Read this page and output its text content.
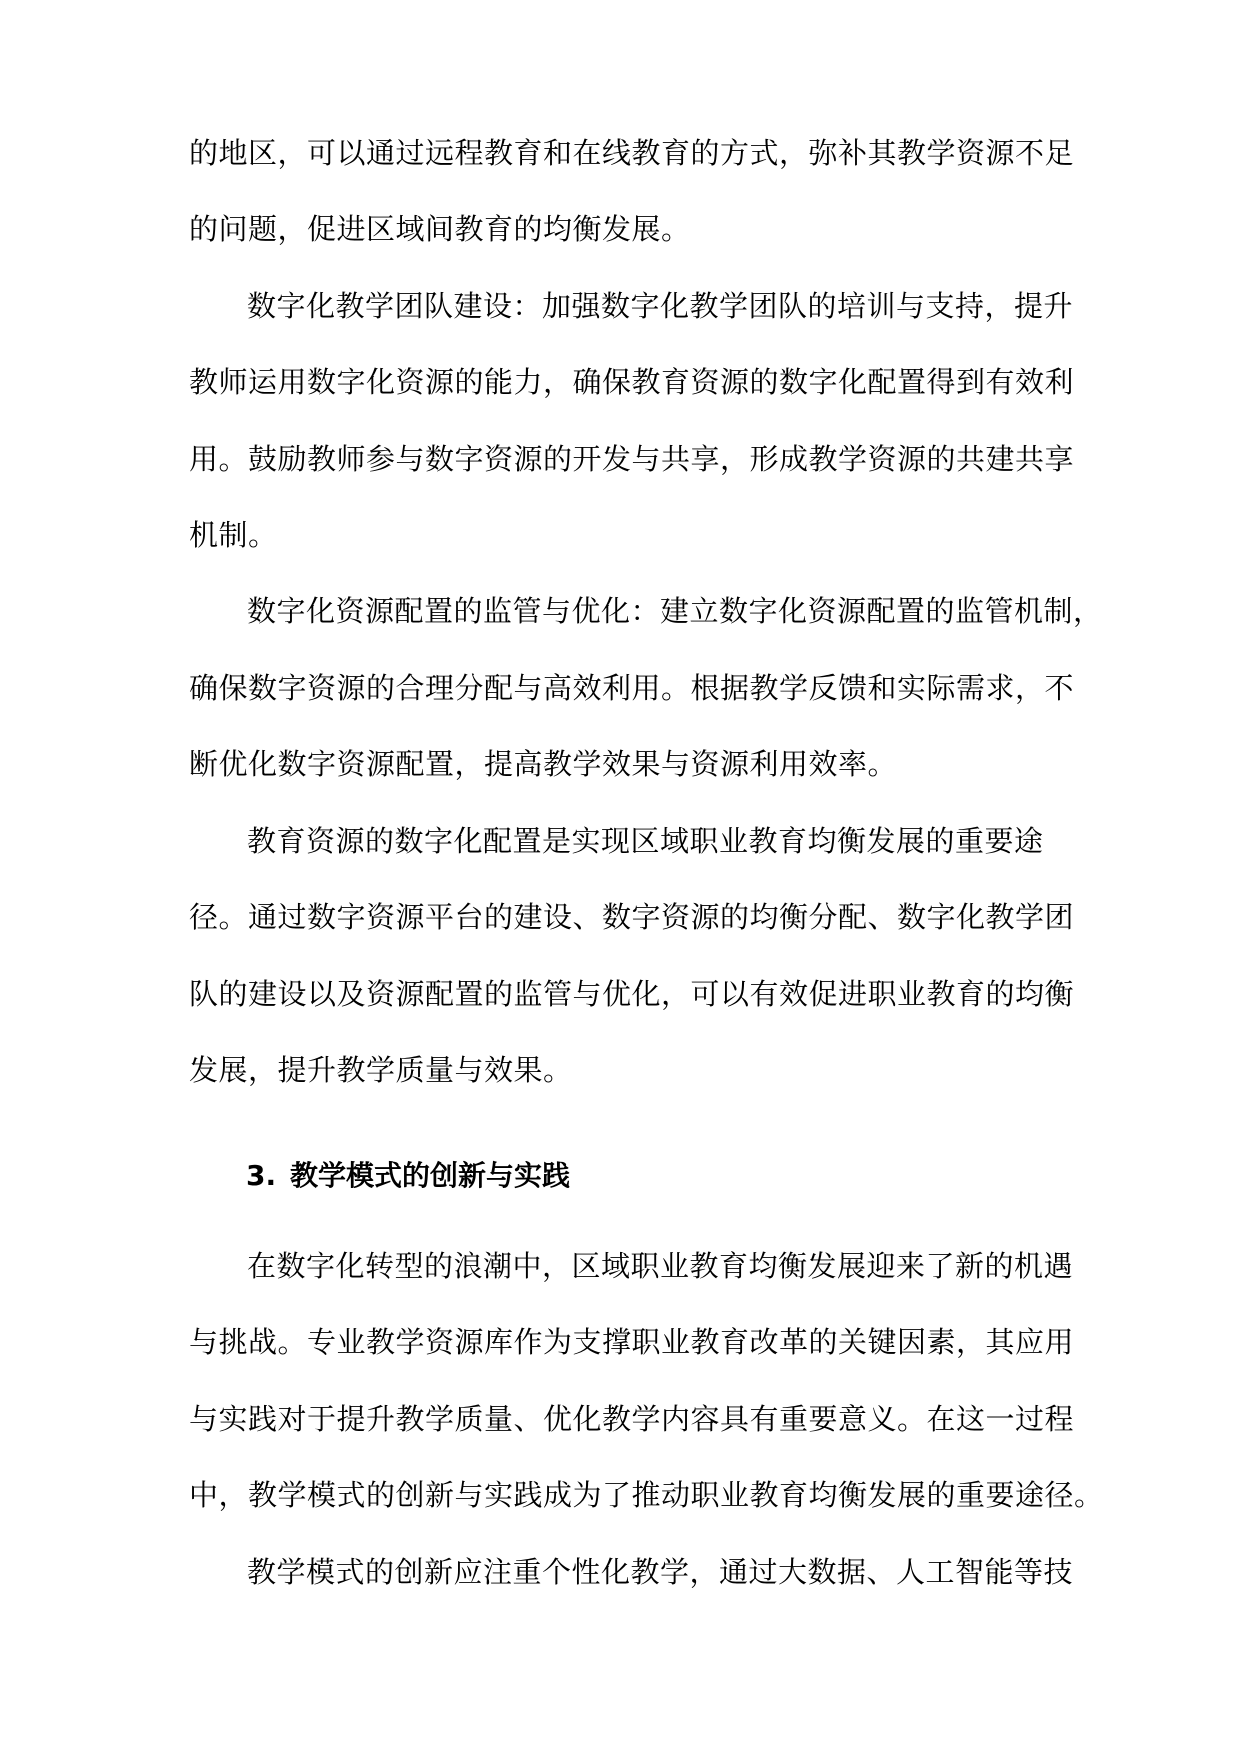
的地区，可以通过远程教育和在线教育的方式，弥补其教学资源不足
的问题，促进区域间教育的均衡发展。
数字化教学团队建设：加强数字化教学团队的培训与支持，提升
教师运用数字化资源的能力，确保教育资源的数字化配置得到有效利
用。鼓励教师参与数字资源的开发与共享，形成教学资源的共建共享
机制。
数字化资源配置的监管与优化：建立数字化资源配置的监管机制，
确保数字资源的合理分配与高效利用。根据教学反馈和实际需求，不
断优化数字资源配置，提高教学效果与资源利用效率。
教育资源的数字化配置是实现区域职业教育均衡发展的重要途
径。通过数字资源平台的建设、数字资源的均衡分配、数字化教学团
队的建设以及资源配置的监管与优化，可以有效促进职业教育的均衡
发展，提升教学质量与效果。
3. 教学模式的创新与实践
在数字化转型的浪潮中，区域职业教育均衡发展迎来了新的机遇
与挑战。专业教学资源库作为支撑职业教育改革的关键因素，其应用
与实践对于提升教学质量、优化教学内容具有重要意义。在这一过程
中，教学模式的创新与实践成为了推动职业教育均衡发展的重要途径。
教学模式的创新应注重个性化教学，通过大数据、人工智能等技
